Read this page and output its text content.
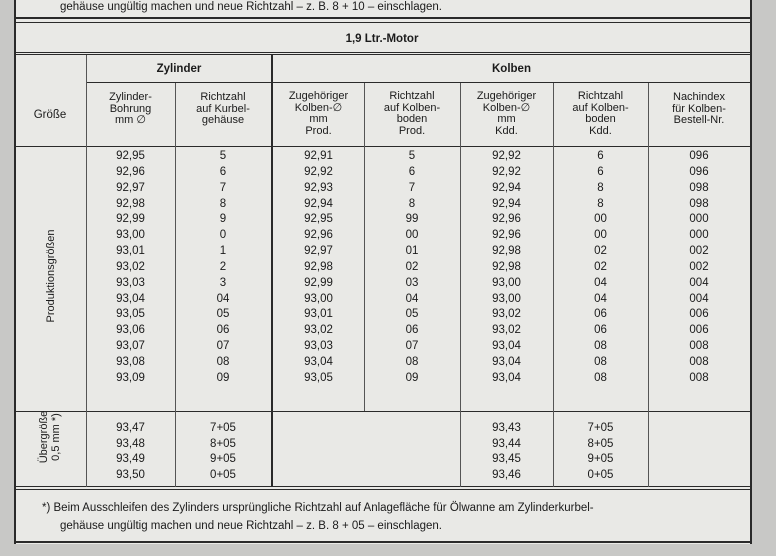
gehäuse ungültig machen und neue Richtzahl – z. B. 8 + 10 – einschlagen.
1,9 Ltr.-Motor
Zylinder	Kolben
Größe
Zylinder-
Bohrung
mm ∅
Richtzahl
auf Kurbel-
gehäuse
Zugehöriger
Kolben-∅
mm
Prod.
Richtzahl
auf Kolben-
boden
Prod.
Zugehöriger
Kolben-∅
mm
Kdd.
Richtzahl
auf Kolben-
boden
Kdd.
Nachindex
für Kolben-
Bestell-Nr.
Produktionsgrößen
Übergröße
0,5 mm *)
92,95
92,96
92,97
92,98
92,99
93,00
93,01
93,02
93,03
93,04
93,05
93,06
93,07
93,08
93,09
5
6
7
8
9
0
1
2
3
04
05
06
07
08
09
92,91
92,92
92,93
92,94
92,95
92,96
92,97
92,98
92,99
93,00
93,01
93,02
93,03
93,04
93,05
5
6
7
8
99
00
01
02
03
04
05
06
07
08
09
92,92
92,92
92,94
92,94
92,96
92,96
92,98
92,98
93,00
93,00
93,02
93,02
93,04
93,04
93,04
6
6
8
8
00
00
02
02
04
04
06
06
08
08
08
096
096
098
098
000
000
002
002
004
004
006
006
008
008
008
93,47
93,48
93,49
93,50
7+05
8+05
9+05
0+05
93,43
93,44
93,45
93,46
7+05
8+05
9+05
0+05
*) Beim Ausschleifen des Zylinders ursprüngliche Richtzahl auf Anlagefläche für Ölwanne am Zylinderkurbel-
gehäuse ungültig machen und neue Richtzahl – z. B. 8 + 05 – einschlagen.
